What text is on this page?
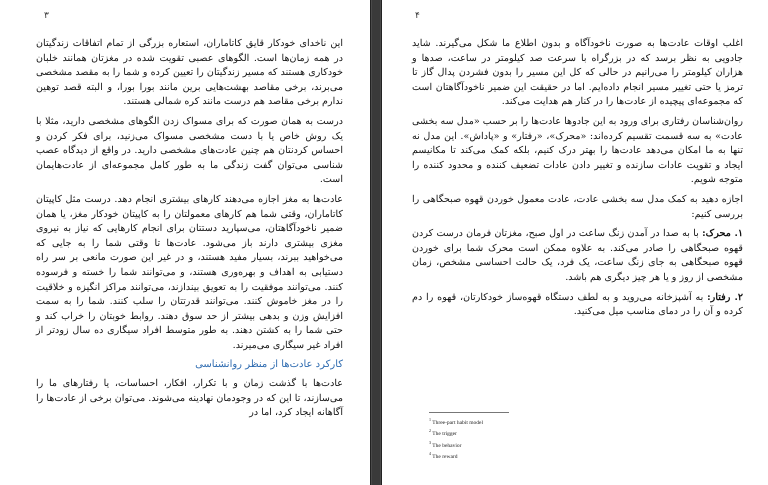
۳

این ناخدای خودکار قایق کاتاماران، استعاره بزرگی از تمام اتفاقات زندگیتان در همه زمان‌ها است. الگوهای عصبی تقویت شده در مغزتان همانند خلبان خودکاری هستند که مسیر زندگیتان را تعیین کرده و شما را به مقصد مشخصی می‌برند، برخی مقاصد بهشت‌هایی برین مانند بورا بورا، و البته قصد توهین ندارم برخی مقاصد هم درست مانند کره شمالی هستند.

درست به همان صورت که برای مسواک زدن الگوهای مشخصی دارید، مثلا با یک روش خاص یا با دست مشخصی مسواک می‌زنید، برای فکر کردن و احساس کردنتان هم چنین عادت‌های مشخصی دارید. در واقع از دیدگاه عصب شناسی می‌توان گفت زندگی ما به طور کامل مجموعه‌ای از عادت‌هایمان است.

عادت‌ها به مغز اجازه می‌دهند کارهای بیشتری انجام دهد. درست مثل کاپیتان کاتاماران، وقتی شما هم کارهای معمولتان را به کاپیتان خودکار مغز، یا همان ضمیر ناخودآگاهتان، می‌سپارید دستتان برای انجام کارهایی که نیاز به نیروی مغزی بیشتری دارند باز می‌شود. عادت‌ها تا وقتی شما را به جایی که می‌خواهید ببرند، بسیار مفید هستند، و در غیر این صورت مانعی بر سر راه دستیابی به اهداف و بهره‌وری هستند، و می‌توانند شما را خسته و فرسوده کنند. می‌توانند موفقیت را به تعویق بیندازند، می‌توانند مراکز انگیزه و خلاقیت را در مغز خاموش کنند. می‌توانند قدرتتان را سلب کنند. شما را به سمت افزایش وزن و بدهی بیشتر از حد سوق دهند. روابط خوبتان را خراب کند و حتی شما را به کشتن دهند. به طور متوسط افراد سیگاری ده سال زودتر از افراد غیر سیگاری می‌میرند.

کارکرد عادت‌ها از منظر روانشناسی

عادت‌ها با گذشت زمان و با تکرار، افکار، احساسات، یا رفتارهای ما را می‌سازند، تا این که در وجودمان نهادینه می‌شوند. می‌توان برخی از عادت‌ها را آگاهانه ایجاد کرد، اما در

۴

اغلب اوقات عادت‌ها به صورت ناخودآگاه و بدون اطلاع ما شکل می‌گیرند. شاید جادویی به نظر برسد که در بزرگراه با سرعت صد کیلومتر در ساعت، صدها و هزاران کیلومتر را می‌رانیم در حالی که کل این مسیر را بدون فشردن پدال گاز تا ترمز یا حتی تغییر مسیر انجام داده‌ایم. اما در حقیقت این ضمیر ناخودآگاهتان است که مجموعه‌ای پیچیده از عادت‌ها را در کنار هم هدایت می‌کند.

روان‌شناسان رفتاری برای ورود به این جادوها عادت‌ها را بر حسب «مدل سه بخشی عادت» به سه قسمت تقسیم کرده‌اند: «محرک»، «رفتار» و «پاداش». این مدل نه تنها به ما امکان می‌دهد عادت‌ها را بهتر درک کنیم، بلکه کمک می‌کند تا مکانیسم ایجاد و تقویت عادات سازنده و تغییر دادن عادات تضعیف کننده و محدود کننده را متوجه شویم.

اجازه دهید به کمک مدل سه بخشی عادت، عادت معمول خوردن قهوه صبحگاهی را بررسی کنیم:

۱. محرک: با به صدا در آمدن زنگ ساعت در اول صبح، مغزتان فرمان درست کردن قهوه صبحگاهی را صادر می‌کند. به علاوه ممکن است محرک شما برای خوردن قهوه صبحگاهی به جای زنگ ساعت، یک فرد، یک حالت احساسی مشخص، زمان مشخصی از روز و یا هر چیز دیگری هم باشد.

۲. رفتار: به آشپزخانه می‌روید و به لطف دستگاه قهوه‌ساز خودکارتان، قهوه را دم کرده و آن را در دمای مناسب میل می‌کنید.

$^1$ Three-part habit model
$^2$ The trigger
$^3$ The behavior
$^4$ The reward
